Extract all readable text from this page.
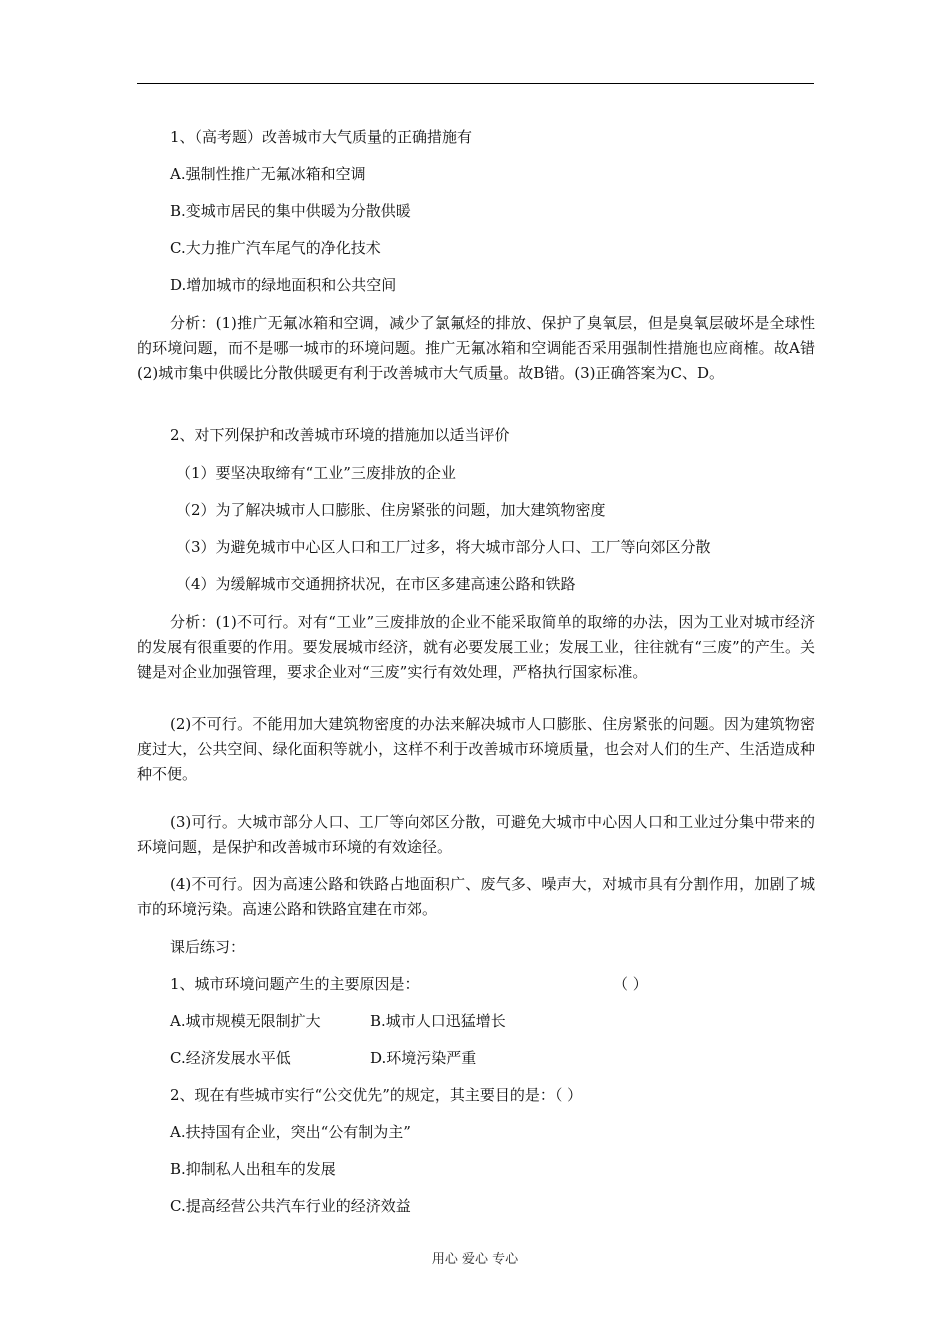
1、（高考题）改善城市大气质量的正确措施有
A.强制性推广无氟冰箱和空调
B.变城市居民的集中供暖为分散供暖
C.大力推广汽车尾气的净化技术
D.增加城市的绿地面积和公共空间
分析：(1)推广无氟冰箱和空调，减少了氯氟烃的排放、保护了臭氧层，但是臭氧层破坏是全球性的环境问题，而不是哪一城市的环境问题。推广无氟冰箱和空调能否采用强制性措施也应商榷。故A错(2)城市集中供暖比分散供暖更有利于改善城市大气质量。故B错。(3)正确答案为C、D。
2、对下列保护和改善城市环境的措施加以适当评价
（1）要坚决取缔有“工业”三废排放的企业
（2）为了解决城市人口膨胀、住房紧张的问题，加大建筑物密度
（3）为避免城市中心区人口和工厂过多，将大城市部分人口、工厂等向郊区分散
（4）为缓解城市交通拥挤状况，在市区多建高速公路和铁路
分析：(1)不可行。对有“工业”三废排放的企业不能采取简单的取缔的办法，因为工业对城市经济的发展有很重要的作用。要发展城市经济，就有必要发展工业；发展工业，往往就有“三废”的产生。关键是对企业加强管理，要求企业对“三废”实行有效处理，严格执行国家标准。
(2)不可行。不能用加大建筑物密度的办法来解决城市人口膨胀、住房紧张的问题。因为建筑物密度过大，公共空间、绿化面积等就小，这样不利于改善城市环境质量，也会对人们的生产、生活造成种种不便。
(3)可行。大城市部分人口、工厂等向郊区分散，可避免大城市中心因人口和工业过分集中带来的环境问题，是保护和改善城市环境的有效途径。
(4)不可行。因为高速公路和铁路占地面积广、废气多、噪声大，对城市具有分割作用，加剧了城市的环境污染。高速公路和铁路宜建在市郊。
课后练习：
1、城市环境问题产生的主要原因是：	（ ）
A.城市规模无限制扩大	B.城市人口迅猛增长
C.经济发展水平低	D.环境污染严重
2、现在有些城市实行“公交优先”的规定，其主要目的是：（ ）
A.扶持国有企业，突出“公有制为主”
B.抑制私人出租车的发展
C.提高经营公共汽车行业的经济效益
用心 爱心 专心
